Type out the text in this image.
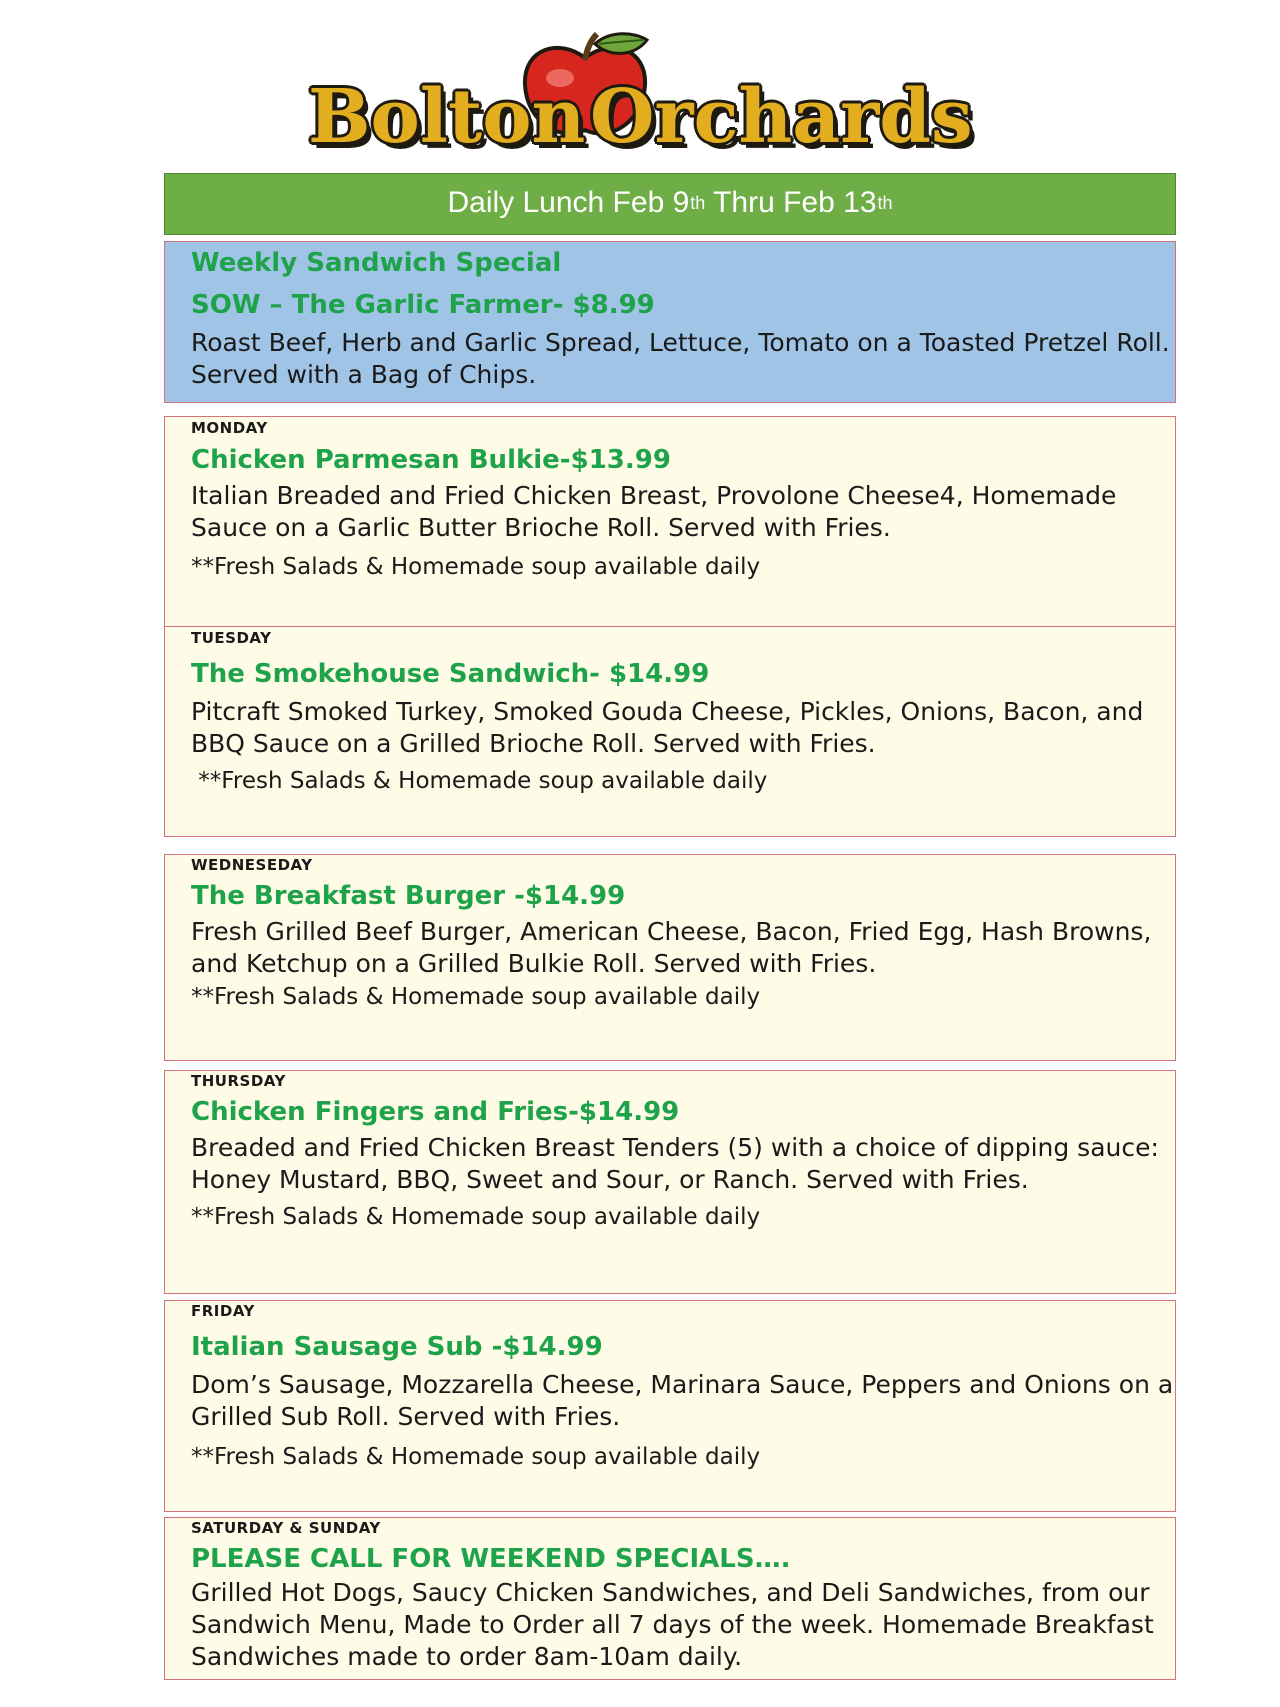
Bolton Orchards
Daily Lunch Feb 9 th Thru Feb 13 th
Weekly Sandwich Special
SOW – The Garlic Farmer- $8.99
Roast Beef, Herb and Garlic Spread, Lettuce, Tomato on a Toasted Pretzel Roll. Served with a Bag of Chips.
MONDAY
Chicken Parmesan Bulkie-$13.99
Italian Breaded and Fried Chicken Breast, Provolone Cheese4, Homemade Sauce on a Garlic Butter Brioche Roll. Served with Fries.
**Fresh Salads & Homemade soup available daily
TUESDAY
The Smokehouse Sandwich- $14.99
Pitcraft Smoked Turkey, Smoked Gouda Cheese, Pickles, Onions, Bacon, and BBQ Sauce on a Grilled Brioche Roll. Served with Fries.
**Fresh Salads & Homemade soup available daily
WEDNESEDAY
The Breakfast Burger -$14.99
Fresh Grilled Beef Burger, American Cheese, Bacon, Fried Egg, Hash Browns, and Ketchup on a Grilled Bulkie Roll. Served with Fries.
**Fresh Salads & Homemade soup available daily
THURSDAY
Chicken Fingers and Fries-$14.99
Breaded and Fried Chicken Breast Tenders (5) with a choice of dipping sauce: Honey Mustard, BBQ, Sweet and Sour, or Ranch. Served with Fries.
**Fresh Salads & Homemade soup available daily
FRIDAY
Italian Sausage Sub -$14.99
Dom’s Sausage, Mozzarella Cheese, Marinara Sauce, Peppers and Onions on a Grilled Sub Roll. Served with Fries.
**Fresh Salads & Homemade soup available daily
SATURDAY & SUNDAY
PLEASE CALL FOR WEEKEND SPECIALS….
Grilled Hot Dogs, Saucy Chicken Sandwiches, and Deli Sandwiches, from our Sandwich Menu, Made to Order all 7 days of the week. Homemade Breakfast Sandwiches made to order 8am-10am daily.
